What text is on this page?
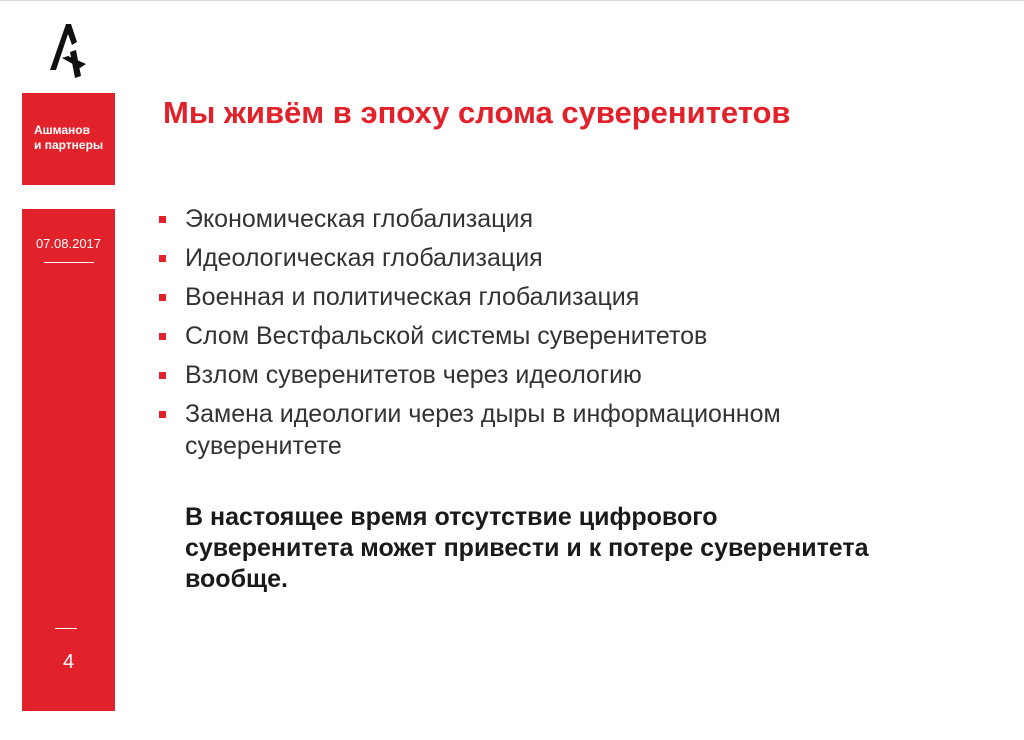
Ашманов
и партнеры
07.08.2017
4
Мы живём в эпоху слома суверенитетов
Экономическая глобализация
Идеологическая глобализация
Военная и политическая глобализация
Слом Вестфальской системы суверенитетов
Взлом суверенитетов через идеологию
Замена идеологии через дыры в информационном суверенитете

В настоящее время отсутствие цифрового суверенитета может привести и к потере суверенитета вообще.
